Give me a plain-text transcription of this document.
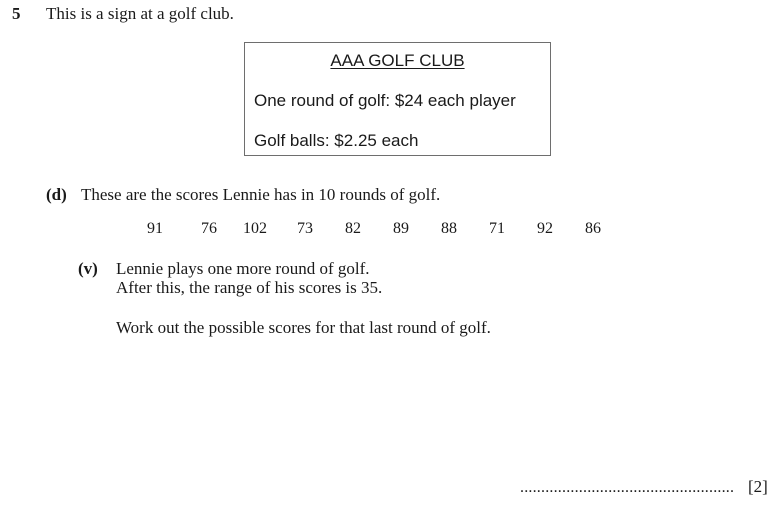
5 This is a sign at a golf club.
AAA GOLF CLUB
One round of golf: $24 each player
Golf balls: $2.25 each
(d) These are the scores Lennie has in 10 rounds of golf.
91	76	102	73	82	89	88	71	92	86
(v) Lennie plays one more round of golf.
After this, the range of his scores is 35.
Work out the possible scores for that last round of golf.
................................................... [2]
